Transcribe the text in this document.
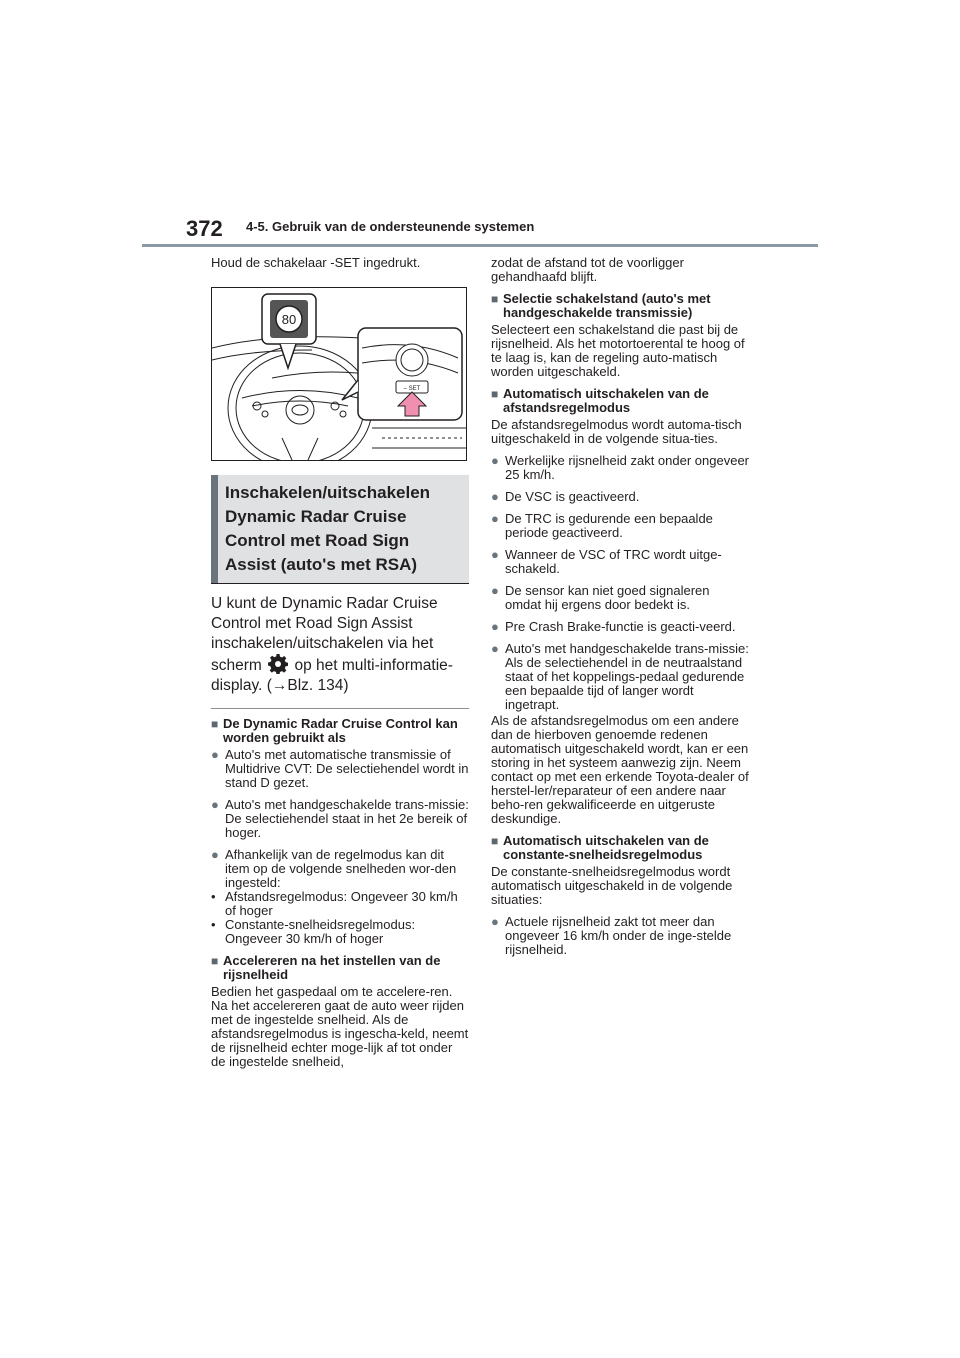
372 4-5. Gebruik van de ondersteunende systemen

Houd de schakelaar -SET ingedrukt.

80
– SET
Inschakelen/uitschakelen
Dynamic Radar Cruise
Control met Road Sign
Assist (auto's met RSA)
U kunt de Dynamic Radar Cruise Control met Road Sign Assist inschakelen/uitschakelen via het scherm op het multi-informatie-display. (→Blz. 134)
■ De Dynamic Radar Cruise Control kan worden gebruikt als
● Auto's met automatische transmissie of Multidrive CVT: De selectiehendel wordt in stand D gezet.
● Auto's met handgeschakelde trans-missie: De selectiehendel staat in het 2e bereik of hoger.
● Afhankelijk van de regelmodus kan dit item op de volgende snelheden wor-den ingesteld:
• Afstandsregelmodus: Ongeveer 30 km/h of hoger
• Constante-snelheidsregelmodus: Ongeveer 30 km/h of hoger
■ Accelereren na het instellen van de rijsnelheid

Bedien het gaspedaal om te accelere-ren. Na het accelereren gaat de auto weer rijden met de ingestelde snelheid. Als de afstandsregelmodus is ingescha-keld, neemt de rijsnelheid echter moge-lijk af tot onder de ingestelde snelheid,

zodat de afstand tot de voorligger gehandhaafd blijft.

■ Selectie schakelstand (auto's met handgeschakelde transmissie)

Selecteert een schakelstand die past bij de rijsnelheid. Als het motortoerental te hoog of te laag is, kan de regeling auto-matisch worden uitgeschakeld.

■ Automatisch uitschakelen van de afstandsregelmodus

De afstandsregelmodus wordt automa-tisch uitgeschakeld in de volgende situa-ties.

● Werkelijke rijsnelheid zakt onder ongeveer 25 km/h.
● De VSC is geactiveerd.
● De TRC is gedurende een bepaalde periode geactiveerd.
● Wanneer de VSC of TRC wordt uitge-schakeld.
● De sensor kan niet goed signaleren omdat hij ergens door bedekt is.
● Pre Crash Brake-functie is geacti-veerd.
● Auto's met handgeschakelde trans-missie: Als de selectiehendel in de neutraalstand staat of het koppelings-pedaal gedurende een bepaalde tijd of langer wordt ingetrapt.

Als de afstandsregelmodus om een andere dan de hierboven genoemde redenen automatisch uitgeschakeld wordt, kan er een storing in het systeem aanwezig zijn. Neem contact op met een erkende Toyota-dealer of herstel-ler/reparateur of een andere naar beho-ren gekwalificeerde en uitgeruste deskundige.

■ Automatisch uitschakelen van de constante-snelheidsregelmodus

De constante-snelheidsregelmodus wordt automatisch uitgeschakeld in de volgende situaties:

● Actuele rijsnelheid zakt tot meer dan ongeveer 16 km/h onder de inge-stelde rijsnelheid.
